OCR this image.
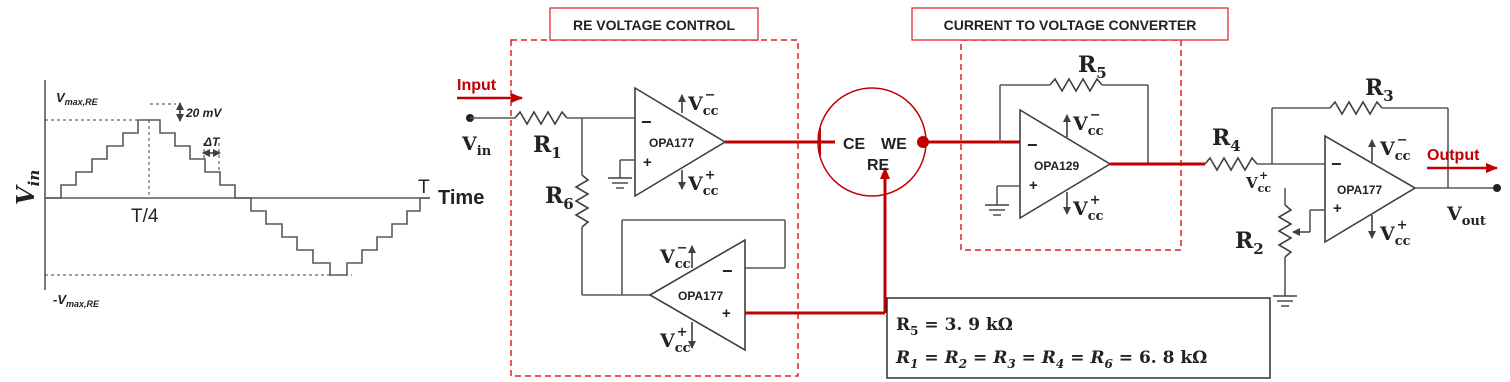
20 mV
ΔT
$V_{max,RE}$
$-V_{max,RE}$
T/4
T Time
$V_{in}$
RE VOLTAGE CONTROL	CURRENT TO VOLTAGE CONVERTER
Input
$V_{in}$ $R_1$
$R_6$
−
+
OPA177
$V_{cc}-$
$V_{cc}+$
−
+
OPA177
$V_{cc}-$
$V_{cc}+$
CE WE
RE
−
+
OPA129
$R_5$
$V_{cc}-$
$V_{cc}+$
$R_4$
$R_3$
−
+
OPA177
$V_{cc}-$
$V_{cc}+$
$V_{cc}+$
$R_2$
Output
$V_{out}$
$R_5 = 3$. 9 kΩ
$R_1 = R_2 = R_3 = R_4 = R_6 = 6$. 8 kΩ
